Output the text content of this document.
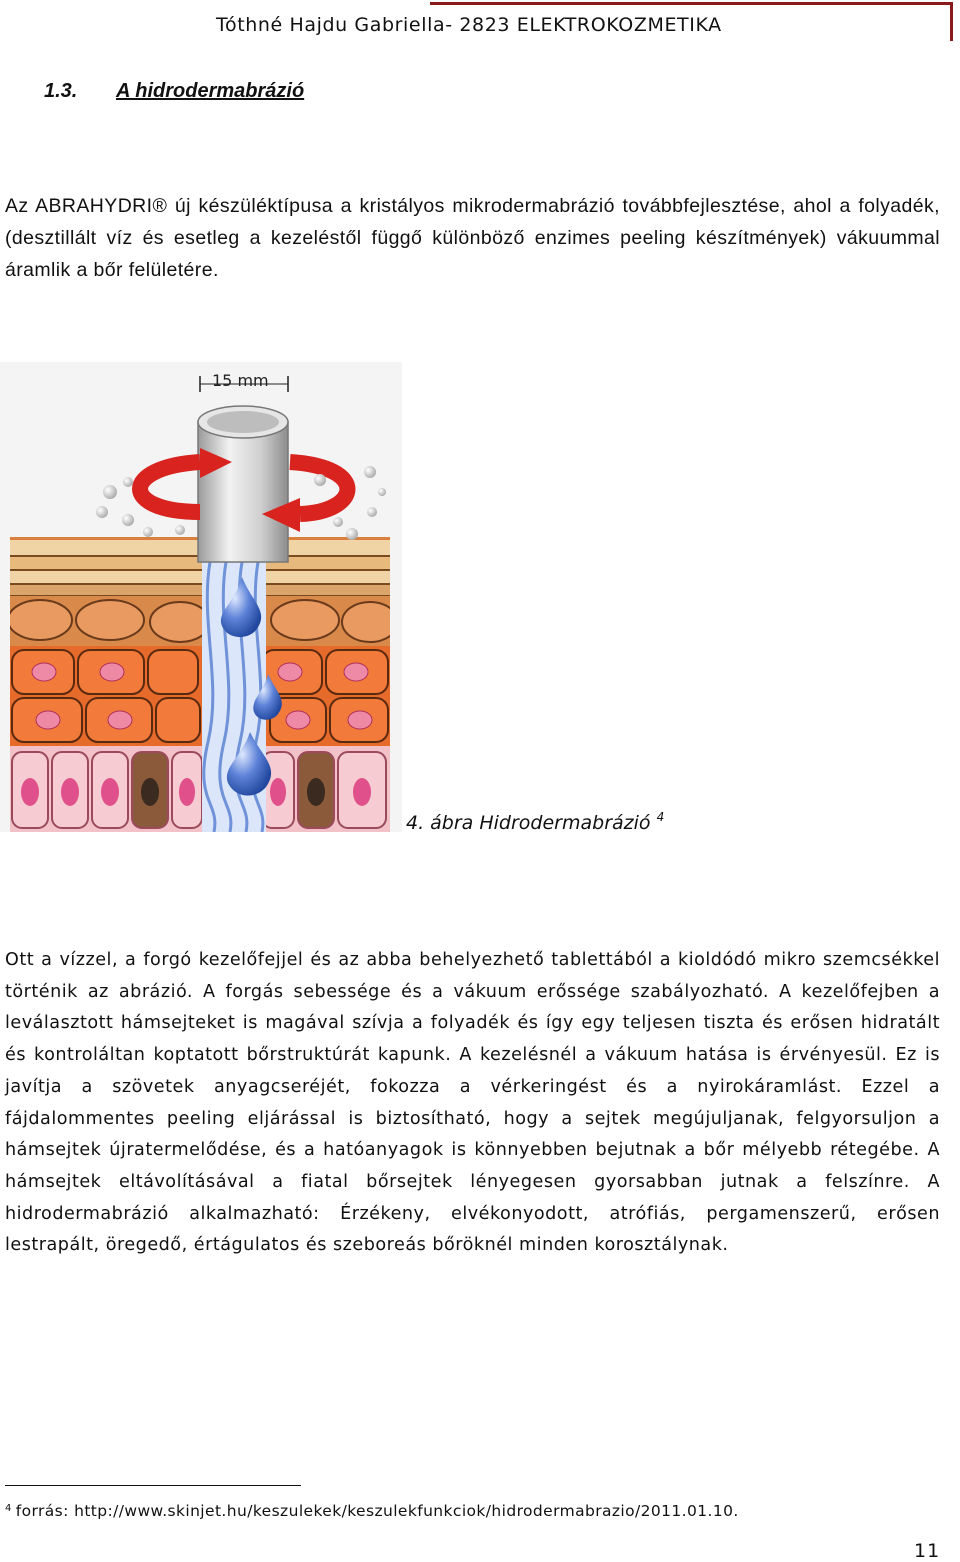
Tóthné Hajdu Gabriella- 2823 ELEKTROKOZMETIKA
1.3. A hidrodermabrázió
Az ABRAHYDRI® új készüléktípusa a kristályos mikrodermabrázió továbbfejlesztése, ahol a folyadék, (desztillált víz és esetleg a kezeléstől függő különböző enzimes peeling készítmények) vákuummal áramlik a bőr felületére.
15 mm
4. ábra Hidrodermabrázió $^4$
Ott a vízzel, a forgó kezelőfejjel és az abba behelyezhető tablettából a kioldódó mikro szemcsékkel történik az abrázió. A forgás sebessége és a vákuum erőssége szabályozható. A kezelőfejben a leválasztott hámsejteket is magával szívja a folyadék és így egy teljesen tiszta és erősen hidratált és kontroláltan koptatott bőrstruktúrát kapunk. A kezelésnél a vákuum hatása is érvényesül. Ez is javítja a szövetek anyagcseréjét, fokozza a vérkeringést és a nyirokáramlást. Ezzel a fájdalommentes peeling eljárással is biztosítható, hogy a sejtek megújuljanak, felgyorsuljon a hámsejtek újratermelődése, és a hatóanyagok is könnyebben bejutnak a bőr mélyebb rétegébe. A hámsejtek eltávolításával a fiatal bőrsejtek lényegesen gyorsabban jutnak a felszínre. A hidrodermabrázió alkalmazható: Érzékeny, elvékonyodott, atrófiás, pergamenszerű, erősen lestrapált, öregedő, értágulatos és szeboreás bőröknél minden korosztálynak.
$^4$ forrás: http://www.skinjet.hu/keszulekek/keszulekfunkciok/hidrodermabrazio/2011.01.10.
11
